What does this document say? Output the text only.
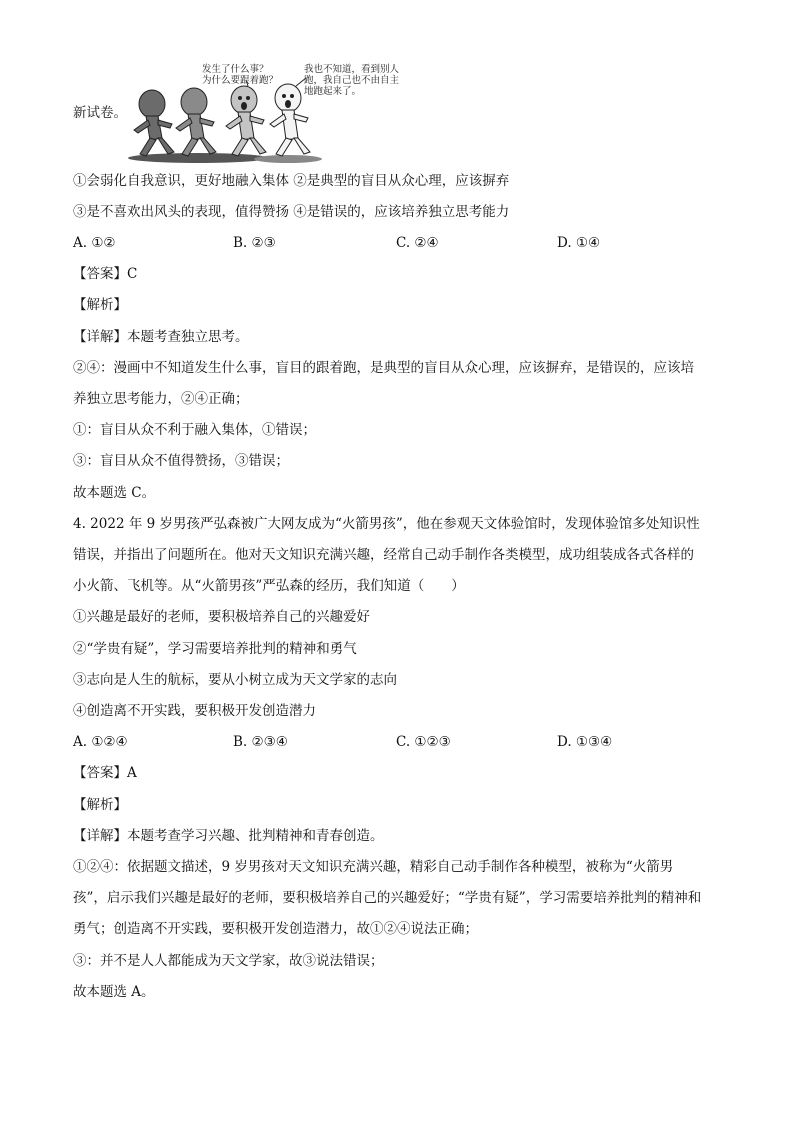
新试卷。
发生了什么事？
为什么要跟着跑？
我也不知道，看到别人
跑，我自己也不由自主
地跑起来了。
①会弱化自我意识，更好地融入集体 ②是典型的盲目从众心理，应该摒弃
③是不喜欢出风头的表现，值得赞扬 ④是错误的，应该培养独立思考能力
A. ①②	B. ②③	C. ②④	D. ①④
【答案】C
【解析】
【详解】本题考查独立思考。
②④：漫画中不知道发生什么事，盲目的跟着跑，是典型的盲目从众心理，应该摒弃，是错误的，应该培
养独立思考能力，②④正确；
①：盲目从众不利于融入集体，①错误；
③：盲目从众不值得赞扬，③错误；
故本题选 C。
4. 2022 年 9 岁男孩严弘森被广大网友成为“火箭男孩”，他在参观天文体验馆时，发现体验馆多处知识性
错误，并指出了问题所在。他对天文知识充满兴趣，经常自己动手制作各类模型，成功组装成各式各样的
小火箭、飞机等。从“火箭男孩”严弘森的经历，我们知道（　　）
①兴趣是最好的老师，要积极培养自己的兴趣爱好
②“学贵有疑”，学习需要培养批判的精神和勇气
③志向是人生的航标，要从小树立成为天文学家的志向
④创造离不开实践，要积极开发创造潜力
A. ①②④	B. ②③④	C. ①②③	D. ①③④
【答案】A
【解析】
【详解】本题考查学习兴趣、批判精神和青春创造。
①②④：依据题文描述，9 岁男孩对天文知识充满兴趣，精彩自己动手制作各种模型，被称为“火箭男
孩”，启示我们兴趣是最好的老师，要积极培养自己的兴趣爱好；“学贵有疑”，学习需要培养批判的精神和
勇气；创造离不开实践，要积极开发创造潜力，故①②④说法正确；
③：并不是人人都能成为天文学家，故③说法错误；
故本题选 A。
